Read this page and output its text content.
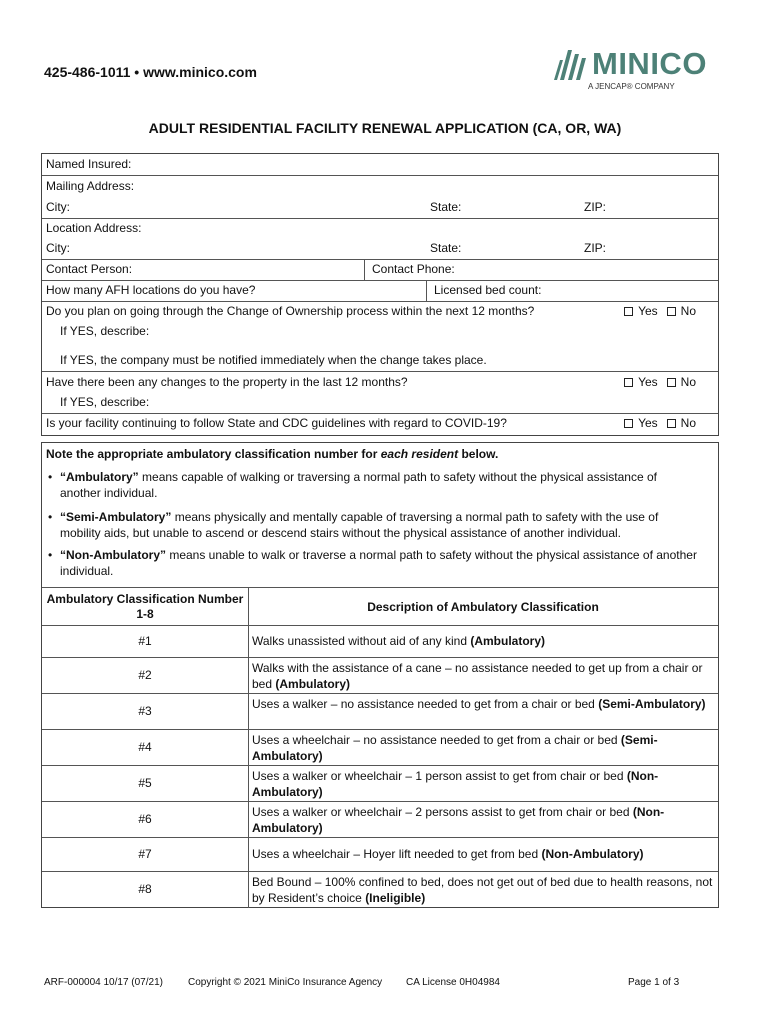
425-486-1011 • www.minico.com	MINICO
A JENCAP® COMPANY
ADULT RESIDENTIAL FACILITY RENEWAL APPLICATION (CA, OR, WA)
Named Insured:
Mailing Address:
City:	State:	ZIP:
Location Address:
City:	State:	ZIP:
Contact Person:	Contact Phone:
How many AFH locations do you have?	Licensed bed count:
Do you plan on going through the Change of Ownership process within the next 12 months?	Yes No
If YES, describe:
If YES, the company must be notified immediately when the change takes place.
Have there been any changes to the property in the last 12 months?	Yes No
If YES, describe:
Is your facility continuing to follow State and CDC guidelines with regard to COVID-19?	Yes No
Note the appropriate ambulatory classification number for each resident below.
• “Ambulatory” means capable of walking or traversing a normal path to safety without the physical assistance of another individual.
• “Semi-Ambulatory” means physically and mentally capable of traversing a normal path to safety with the use of mobility aids, but unable to ascend or descend stairs without the physical assistance of another individual.
• “Non-Ambulatory” means unable to walk or traverse a normal path to safety without the physical assistance of another individual.
Ambulatory Classification Number 1-8	Description of Ambulatory Classification
#1	Walks unassisted without aid of any kind (Ambulatory)
#2	Walks with the assistance of a cane – no assistance needed to get up from a chair or bed (Ambulatory)
#3	Uses a walker – no assistance needed to get from a chair or bed (Semi-Ambulatory)
#4	Uses a wheelchair – no assistance needed to get from a chair or bed (Semi-Ambulatory)
#5	Uses a walker or wheelchair – 1 person assist to get from chair or bed (Non-Ambulatory)
#6	Uses a walker or wheelchair – 2 persons assist to get from chair or bed (Non-Ambulatory)
#7	Uses a wheelchair – Hoyer lift needed to get from bed (Non-Ambulatory)
#8	Bed Bound – 100% confined to bed, does not get out of bed due to health reasons, not by Resident’s choice (Ineligible)
ARF-000004 10/17 (07/21)	Copyright © 2021 MiniCo Insurance Agency CA License 0H04984	Page 1 of 3
